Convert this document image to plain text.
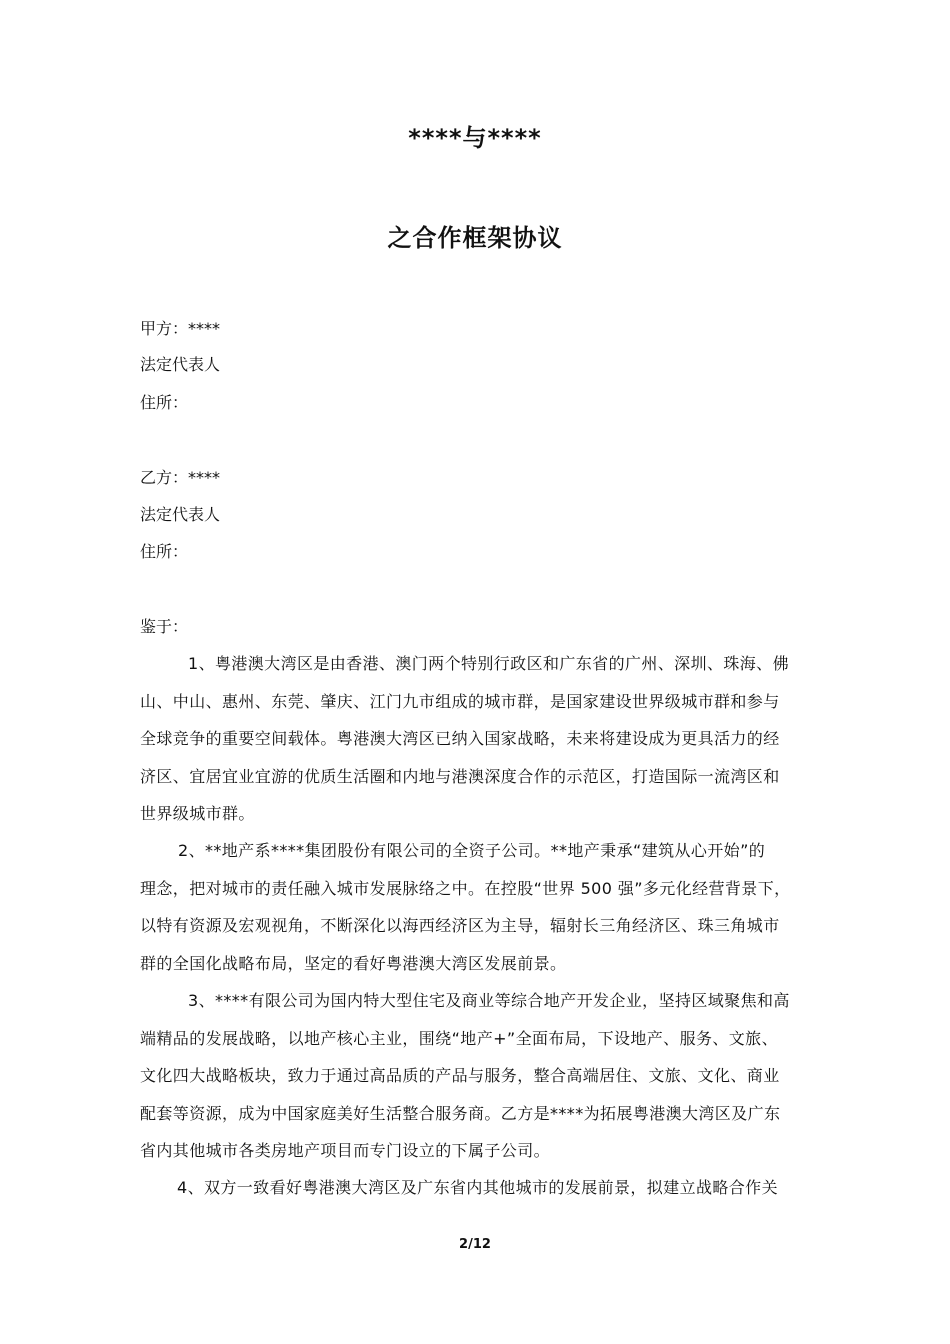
****与****
之合作框架协议
甲方：****
法定代表人
住所：
乙方：****
法定代表人
住所：
鉴于：
1、粤港澳大湾区是由香港、澳门两个特别行政区和广东省的广州、深圳、珠海、佛
山、中山、惠州、东莞、肇庆、江门九市组成的城市群，是国家建设世界级城市群和参与
全球竞争的重要空间载体。粤港澳大湾区已纳入国家战略，未来将建设成为更具活力的经
济区、宜居宜业宜游的优质生活圈和内地与港澳深度合作的示范区，打造国际一流湾区和
世界级城市群。
2、**地产系****集团股份有限公司的全资子公司。**地产秉承“建筑从心开始”的
理念，把对城市的责任融入城市发展脉络之中。在控股“世界 500 强”多元化经营背景下，
以特有资源及宏观视角，不断深化以海西经济区为主导，辐射长三角经济区、珠三角城市
群的全国化战略布局，坚定的看好粤港澳大湾区发展前景。
3、****有限公司为国内特大型住宅及商业等综合地产开发企业，坚持区域聚焦和高
端精品的发展战略，以地产核心主业，围绕“地产+”全面布局，下设地产、服务、文旅、
文化四大战略板块，致力于通过高品质的产品与服务，整合高端居住、文旅、文化、商业
配套等资源，成为中国家庭美好生活整合服务商。乙方是****为拓展粤港澳大湾区及广东
省内其他城市各类房地产项目而专门设立的下属子公司。
4、双方一致看好粤港澳大湾区及广东省内其他城市的发展前景，拟建立战略合作关
2/12
